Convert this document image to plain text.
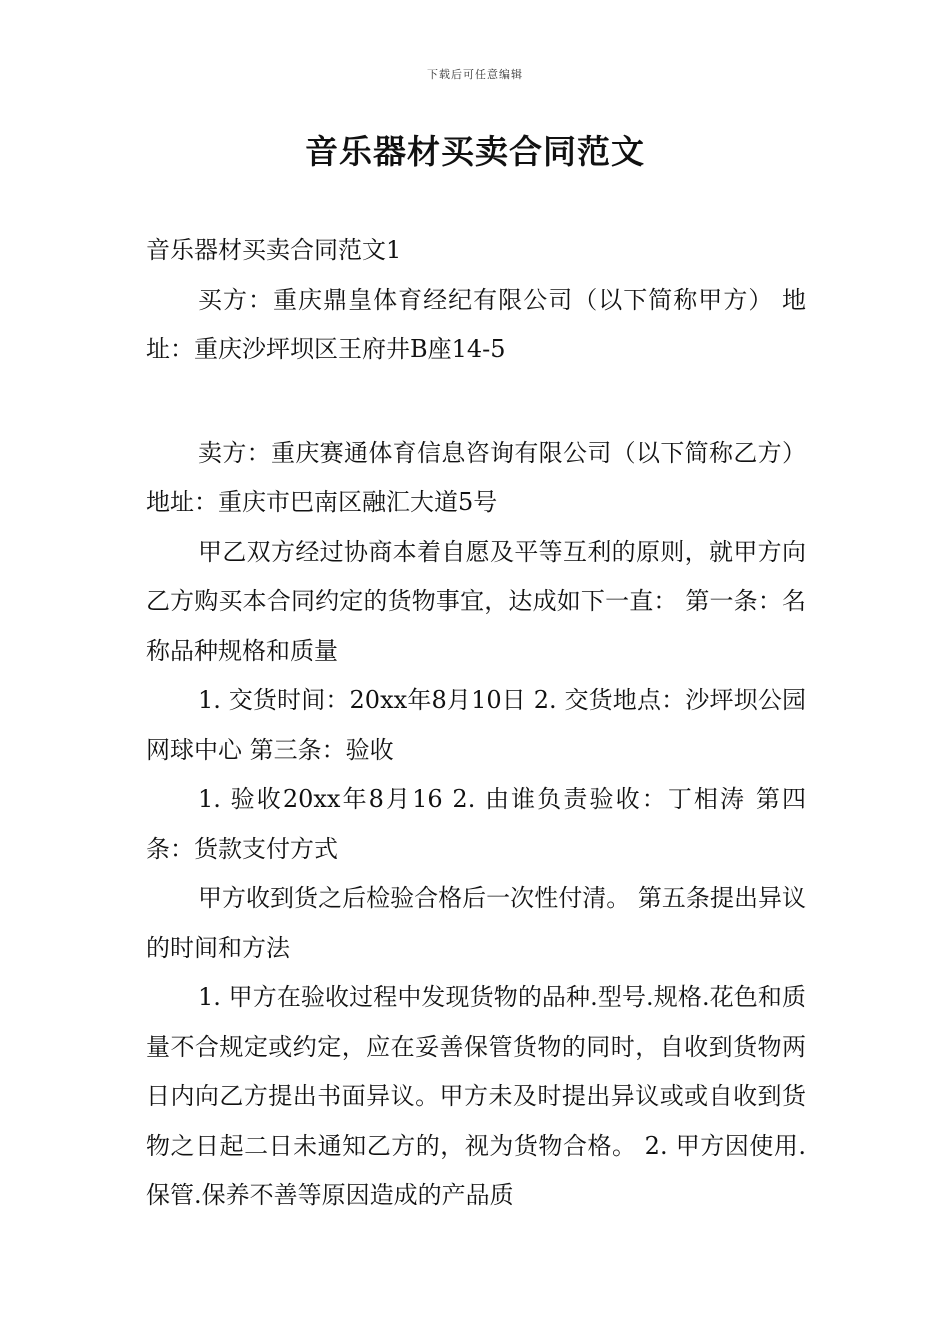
下载后可任意编辑
音乐器材买卖合同范文

音乐器材买卖合同范文1

买方：重庆鼎皇体育经纪有限公司（以下简称甲方） 地址：重庆沙坪坝区王府井B座14-5

卖方：重庆赛通体育信息咨询有限公司（以下简称乙方） 地址：重庆市巴南区融汇大道5号

甲乙双方经过协商本着自愿及平等互利的原则，就甲方向乙方购买本合同约定的货物事宜，达成如下一直： 第一条：名称品种规格和质量

1. 交货时间：20xx年8月10日 2. 交货地点：沙坪坝公园网球中心 第三条：验收

1. 验收20xx年8月16 2. 由谁负责验收：丁相涛 第四条：货款支付方式

甲方收到货之后检验合格后一次性付清。 第五条提出异议的时间和方法

1. 甲方在验收过程中发现货物的品种.型号.规格.花色和质量不合规定或约定，应在妥善保管货物的同时，自收到货物两日内向乙方提出书面异议。甲方未及时提出异议或或自收到货物之日起二日未通知乙方的，视为货物合格。 2. 甲方因使用.保管.保养不善等原因造成的产品质
